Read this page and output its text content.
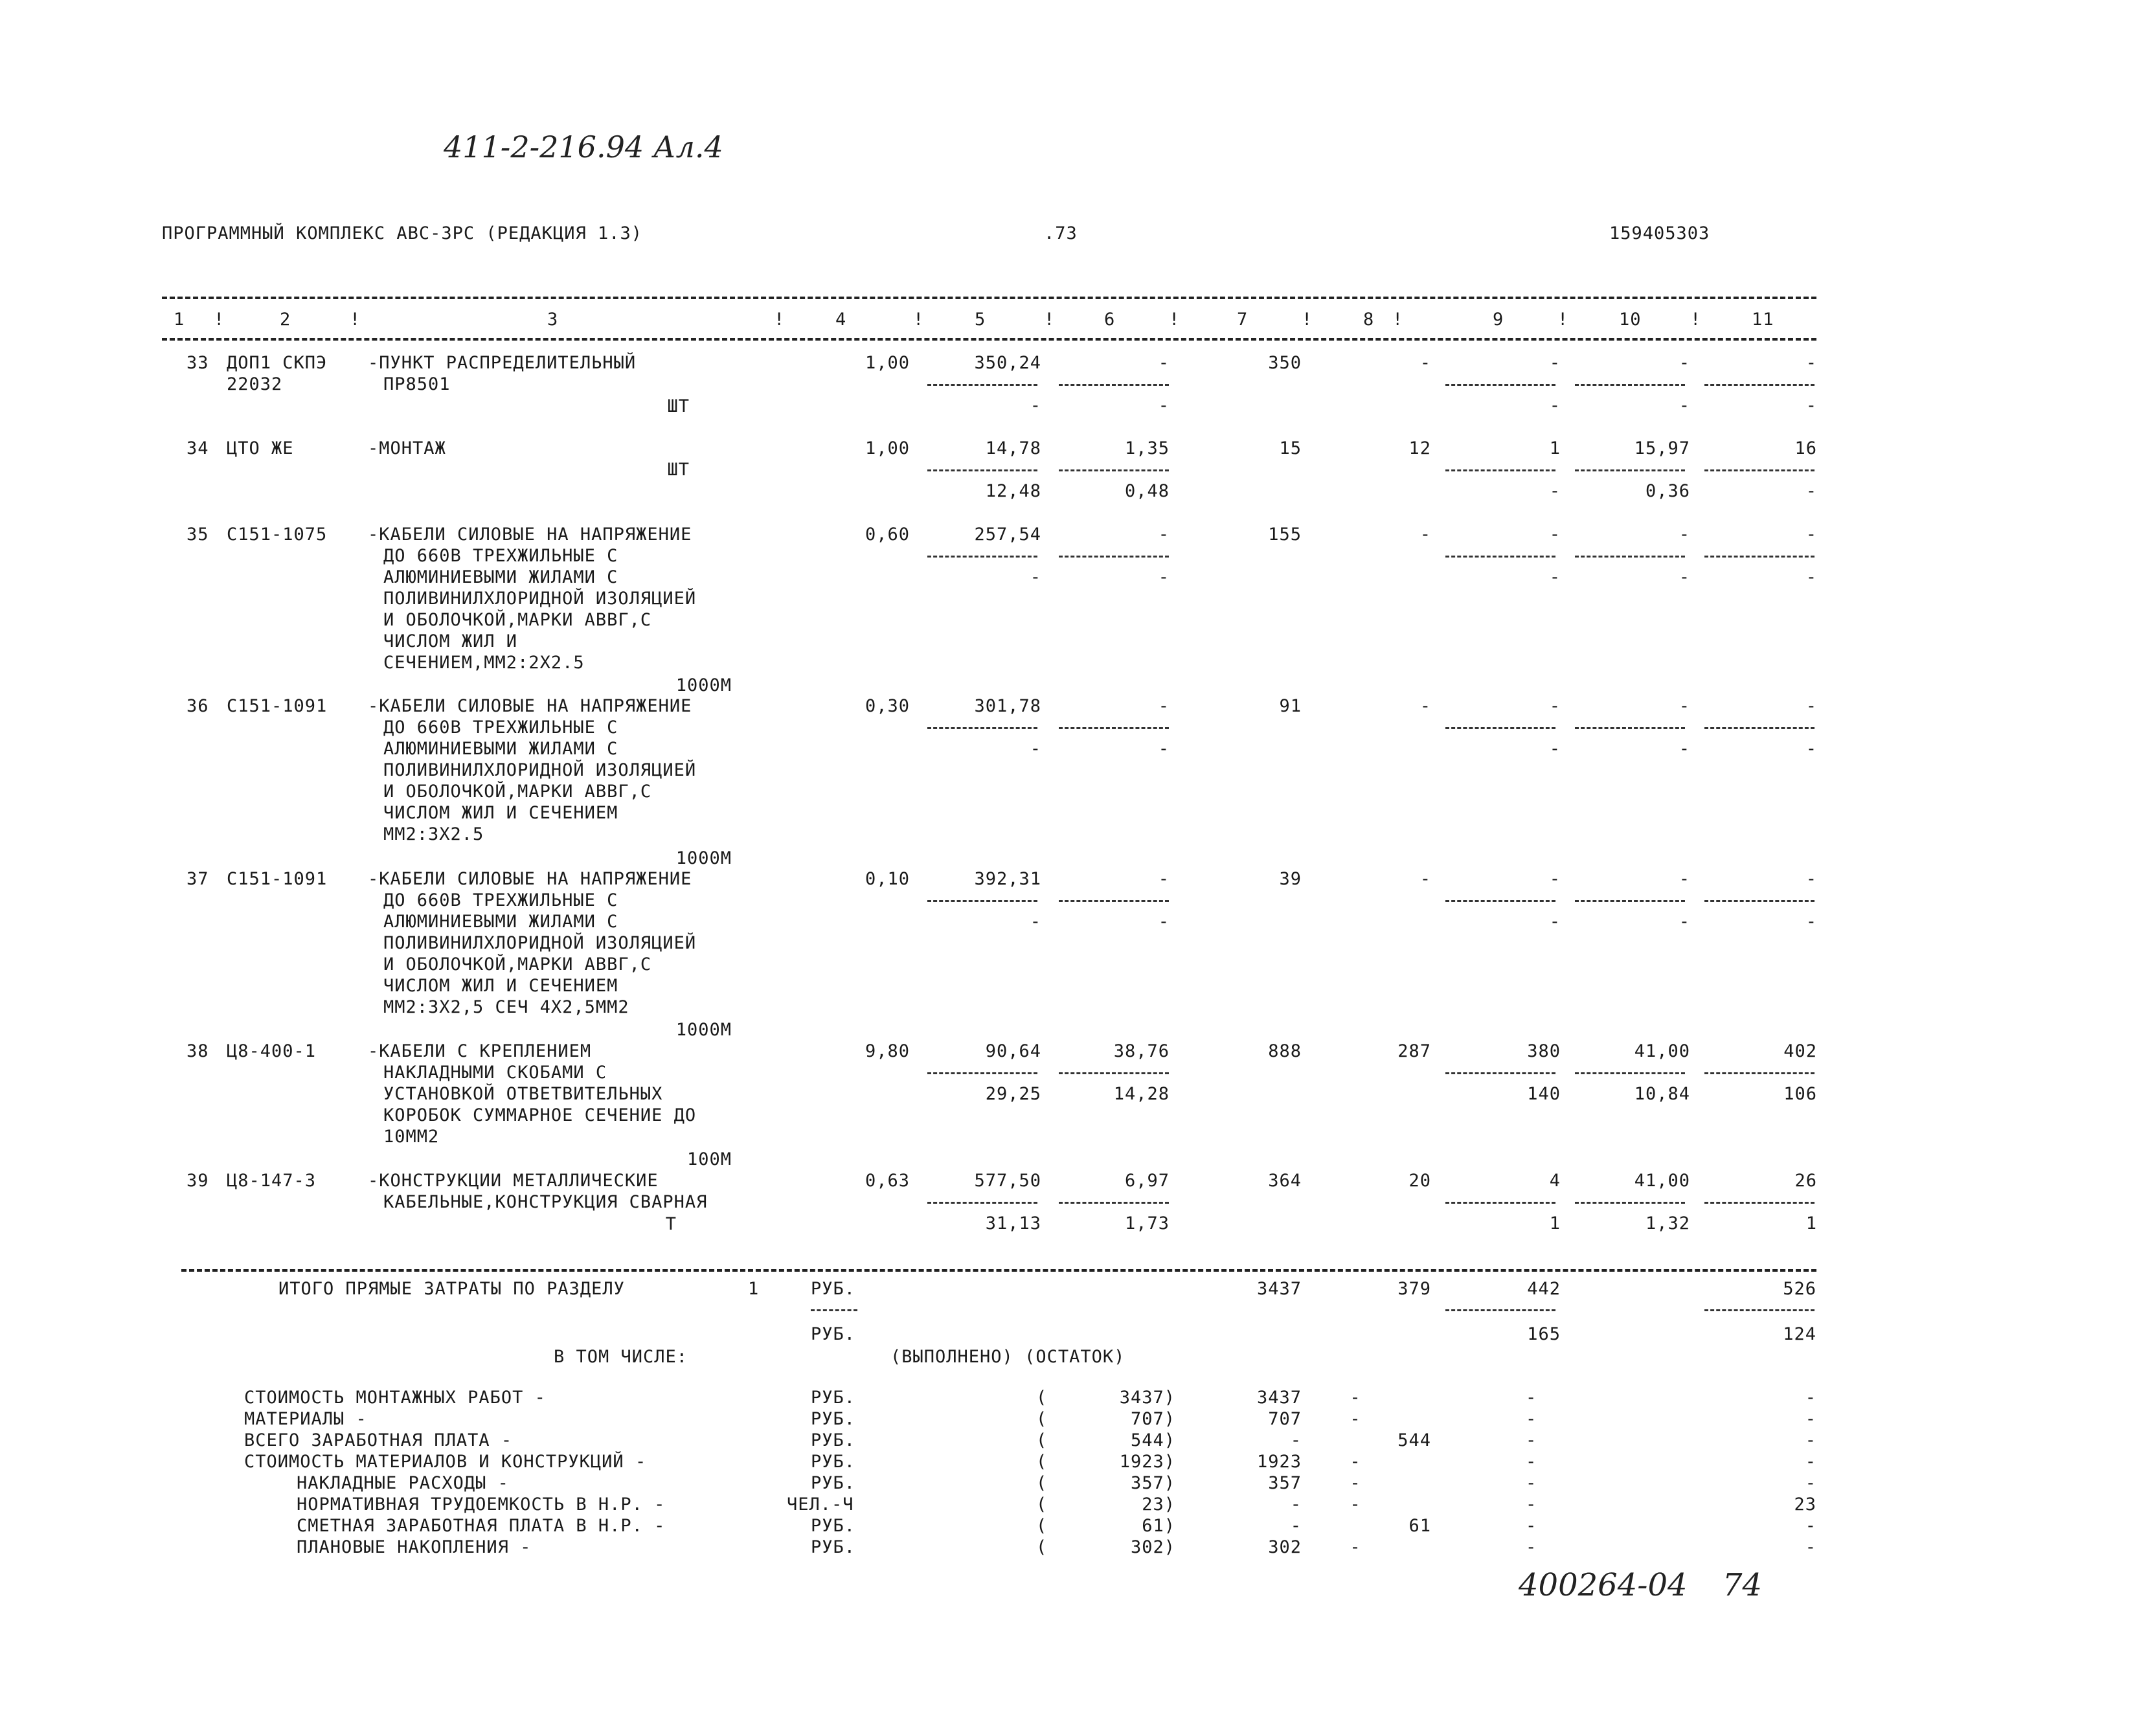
411-2-216.94 Ал.4
400264-04 74
ПРОГРАММНЫЙ КОМПЛЕКС АВС-3РС (РЕДАКЦИЯ 1.3)	.73	159405303
1	2	3	4	5	6	7	8	9	10	11
!	!	!	!	!	!	!	!	!	!
33 ДОП1 СКПЭ
22032
-ПУНКТ РАСПРЕДЕЛИТЕЛЬНЫЙ
ПР8501
ШТ
1,00	350,24	-	350	-	-	-	-
-	-	-	-	-
34 ЦТО ЖЕ	-МОНТАЖ
ШТ
1,00	14,78	1,35	15	12	1	15,97	16
12,48	0,48	-	0,36	-
35 С151-1075 -КАБЕЛИ СИЛОВЫЕ НА НАПРЯЖЕНИЕ
ДО 660В ТРЕХЖИЛЬНЫЕ С
АЛЮМИНИЕВЫМИ ЖИЛАМИ С
ПОЛИВИНИЛХЛОРИДНОЙ ИЗОЛЯЦИЕЙ
И ОБОЛОЧКОЙ,МАРКИ АВВГ,С
ЧИСЛОМ ЖИЛ И
СЕЧЕНИЕМ,ММ2:2Х2.5
1000М
0,60	257,54	-	155	-	-	-	-
-	-	-	-	-
36 С151-1091 -КАБЕЛИ СИЛОВЫЕ НА НАПРЯЖЕНИЕ
ДО 660В ТРЕХЖИЛЬНЫЕ С
АЛЮМИНИЕВЫМИ ЖИЛАМИ С
ПОЛИВИНИЛХЛОРИДНОЙ ИЗОЛЯЦИЕЙ
И ОБОЛОЧКОЙ,МАРКИ АВВГ,С
ЧИСЛОМ ЖИЛ И СЕЧЕНИЕМ
ММ2:3Х2.5
1000М
0,30	301,78	-	91	-	-	-	-
-	-	-	-	-
37 С151-1091 -КАБЕЛИ СИЛОВЫЕ НА НАПРЯЖЕНИЕ
ДО 660В ТРЕХЖИЛЬНЫЕ С
АЛЮМИНИЕВЫМИ ЖИЛАМИ С
ПОЛИВИНИЛХЛОРИДНОЙ ИЗОЛЯЦИЕЙ
И ОБОЛОЧКОЙ,МАРКИ АВВГ,С
ЧИСЛОМ ЖИЛ И СЕЧЕНИЕМ
ММ2:3Х2,5 СЕЧ 4Х2,5ММ2
1000М
0,10	392,31	-	39	-	-	-	-
-	-	-	-	-
38 Ц8-400-1	-КАБЕЛИ С КРЕПЛЕНИЕМ
НАКЛАДНЫМИ СКОБАМИ С
УСТАНОВКОЙ ОТВЕТВИТЕЛЬНЫХ
КОРОБОК СУММАРНОЕ СЕЧЕНИЕ ДО
10ММ2
100М
9,80	90,64	38,76	888	287	380	41,00	402
29,25	14,28	140	10,84	106
39 Ц8-147-3	-КОНСТРУКЦИИ МЕТАЛЛИЧЕСКИЕ
КАБЕЛЬНЫЕ,КОНСТРУКЦИЯ СВАРНАЯ
Т
0,63	577,50	6,97	364	20	4	41,00	26
31,13	1,73	1	1,32	1
ИТОГО ПРЯМЫЕ ЗАТРАТЫ ПО РАЗДЕЛУ	1	РУБ.	3437	379	442	526
РУБ.	165	124
В ТОМ ЧИСЛЕ:	(ВЫПОЛНЕНО) (ОСТАТОК)
СТОИМОСТЬ МОНТАЖНЫХ РАБОТ -	РУБ.	(	3437)	3437	-	-	-
МАТЕРИАЛЫ -	РУБ.	(	707)	707	-	-	-
ВСЕГО ЗАРАБОТНАЯ ПЛАТА -	РУБ.	(	544)	-	544	-	-
СТОИМОСТЬ МАТЕРИАЛОВ И КОНСТРУКЦИЙ -	РУБ.	(	1923)	1923	-	-	-
НАКЛАДНЫЕ РАСХОДЫ -	РУБ.	(	357)	357	-	-	-
НОРМАТИВНАЯ ТРУДОЕМКОСТЬ В Н.Р. -	ЧЕЛ.-Ч	(	23)	-	-	-	23
СМЕТНАЯ ЗАРАБОТНАЯ ПЛАТА В Н.Р. -	РУБ.	(	61)	-	61	-	-
ПЛАНОВЫЕ НАКОПЛЕНИЯ -	РУБ.	(	302)	302	-	-	-
